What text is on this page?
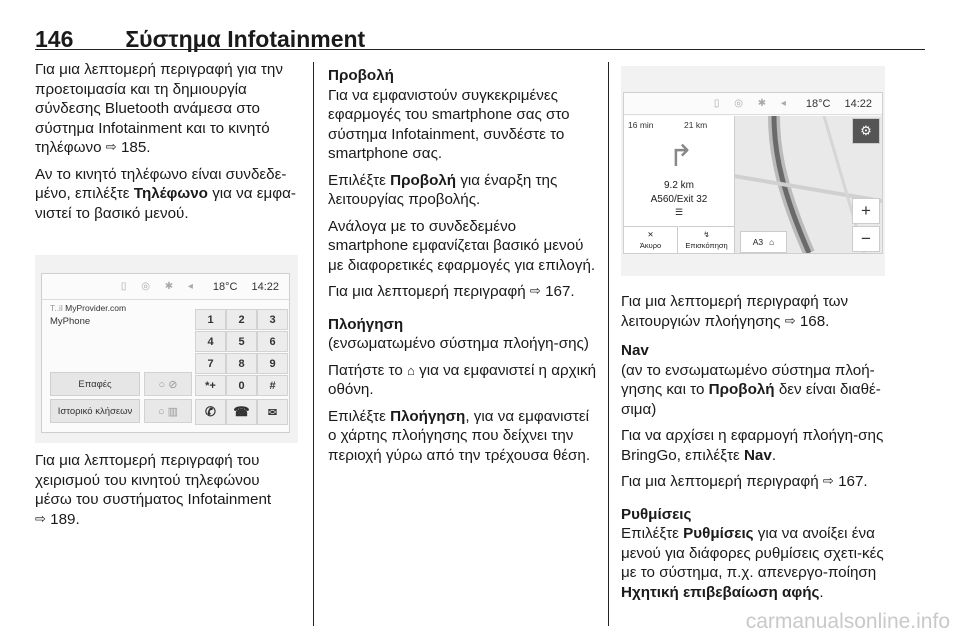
146 Σύστημα Infotainment

Για μια λεπτομερή περιγραφή για την προετοιμασία και τη δημιουργία σύνδεσης Bluetooth ανάμεσα στο σύστημα Infotainment και το κινητό τηλέφωνο ⇨ 185.

Αν το κινητό τηλέφωνο είναι συνδεδε-μένο, επιλέξτε Τηλέφωνο για να εμφα-νιστεί το βασικό μενού.

▯ ◎ ✱ ◂ 18°C 14:22
T..il MyProvider.com
MyPhone	1	2	3
4	5	6
7	8	9
*+	0	#
Επαφές
Ιστορικό κλήσεων
○ ⊘
○ ▥	✆	☎	✉

Για μια λεπτομερή περιγραφή του χειρισμού του κινητού τηλεφώνου μέσω του συστήματος Infotainment
⇨ 189.

Προβολή

Για να εμφανιστούν συγκεκριμένες εφαρμογές του smartphone σας στο σύστημα Infotainment, συνδέστε το smartphone σας.

Επιλέξτε Προβολή για έναρξη της λειτουργίας προβολής.

Ανάλογα με το συνδεδεμένο smartphone εμφανίζεται βασικό μενού με διαφορετικές εφαρμογές για επιλογή.

Για μια λεπτομερή περιγραφή ⇨ 167.

Πλοήγηση

(ενσωματωμένο σύστημα πλοήγη-σης)

Πατήστε το ⌂ για να εμφανιστεί η αρχική οθόνη.

Επιλέξτε Πλοήγηση, για να εμφανιστεί ο χάρτης πλοήγησης που δείχνει την περιοχή γύρω από την τρέχουσα θέση.

▯ ◎ ✱ ◂ 18°C 14:22
16 min	21 km
↱
9.2 km
A560/Exit 32
☰
✕
Άκυρο
↯
Επισκόπηση
⚙
+
−
A3 ⌂

Για μια λεπτομερή περιγραφή των λειτουργιών πλοήγησης ⇨ 168.

Nav

(αν το ενσωματωμένο σύστημα πλοή-γησης και το Προβολή δεν είναι διαθέ-σιμα)

Για να αρχίσει η εφαρμογή πλοήγη-σης BringGo, επιλέξτε Nav.

Για μια λεπτομερή περιγραφή ⇨ 167.

Ρυθμίσεις

Επιλέξτε Ρυθμίσεις για να ανοίξει ένα μενού για διάφορες ρυθμίσεις σχετι-κές με το σύστημα, π.χ. απενεργο-ποίηση Ηχητική επιβεβαίωση αφής.

carmanualsonline.info
